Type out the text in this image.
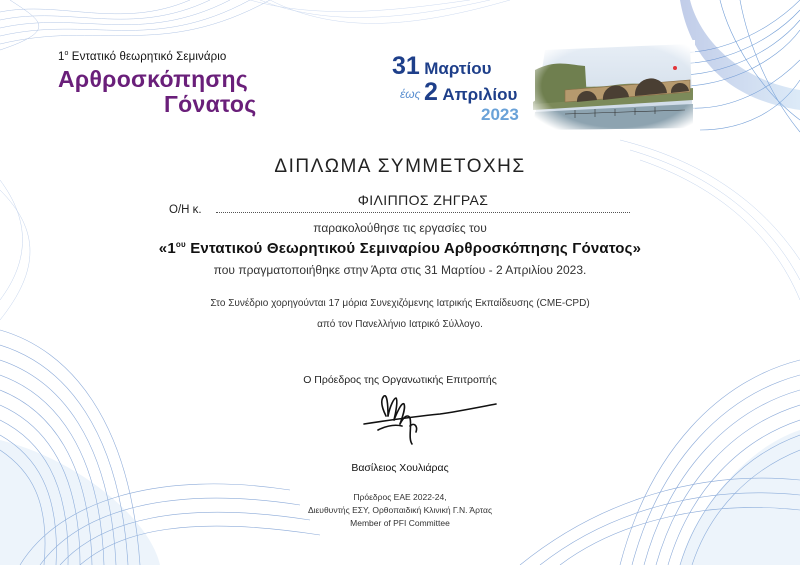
$1^o$ Εντατικό θεωρητικό Σεμινάριο
Αρθροσκόπησης
Γόνατος
31 Μαρτίου
έως 2 Απριλίου
2023
ΔΙΠΛΩΜΑ ΣΥΜΜΕΤΟΧΗΣ
Ο/Η κ.
ΦΙΛΙΠΠΟΣ ΖΗΓΡΑΣ
παρακολούθησε τις εργασίες του
«$1^{o\upsilon}$ Εντατικού Θεωρητικού Σεμιναρίου Αρθροσκόπησης Γόνατος»
που πραγματοποιήθηκε στην Άρτα στις 31 Μαρτίου - 2 Απριλίου 2023.
Στο Συνέδριο χορηγούνται 17 μόρια Συνεχιζόμενης Ιατρικής Εκπαίδευσης (CME-CPD)
από τον Πανελλήνιο Ιατρικό Σύλλογο.
Ο Πρόεδρος της Οργανωτικής Επιτροπής
Βασίλειος Χουλιάρας
Πρόεδρος ΕΑΕ 2022-24,
Διευθυντής ΕΣΥ, Ορθοπαιδική Κλινική Γ.Ν. Άρτας
Member of PFI Committee
